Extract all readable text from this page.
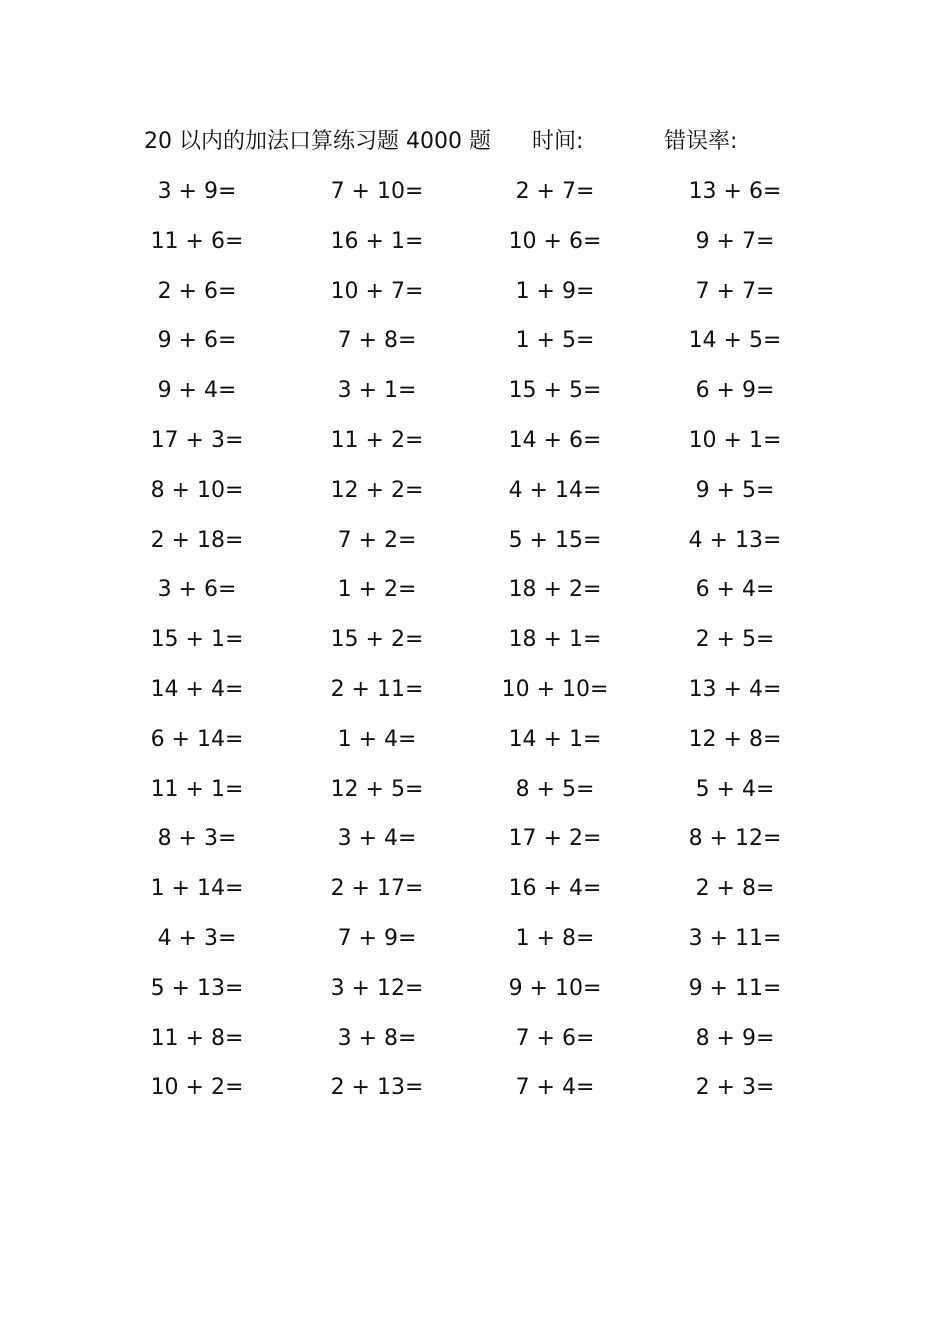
20 以内的加法口算练习题 4000 题 时间:	错误率:
3 + 9=	7 + 10=	2 + 7=	13 + 6=
11 + 6=	16 + 1=	10 + 6=	9 + 7=
2 + 6=	10 + 7=	1 + 9=	7 + 7=
9 + 6=	7 + 8=	1 + 5=	14 + 5=
9 + 4=	3 + 1=	15 + 5=	6 + 9=
17 + 3=	11 + 2=	14 + 6=	10 + 1=
8 + 10=	12 + 2=	4 + 14=	9 + 5=
2 + 18=	7 + 2=	5 + 15=	4 + 13=
3 + 6=	1 + 2=	18 + 2=	6 + 4=
15 + 1=	15 + 2=	18 + 1=	2 + 5=
14 + 4=	2 + 11=	10 + 10=	13 + 4=
6 + 14=	1 + 4=	14 + 1=	12 + 8=
11 + 1=	12 + 5=	8 + 5=	5 + 4=
8 + 3=	3 + 4=	17 + 2=	8 + 12=
1 + 14=	2 + 17=	16 + 4=	2 + 8=
4 + 3=	7 + 9=	1 + 8=	3 + 11=
5 + 13=	3 + 12=	9 + 10=	9 + 11=
11 + 8=	3 + 8=	7 + 6=	8 + 9=
10 + 2=	2 + 13=	7 + 4=	2 + 3=
